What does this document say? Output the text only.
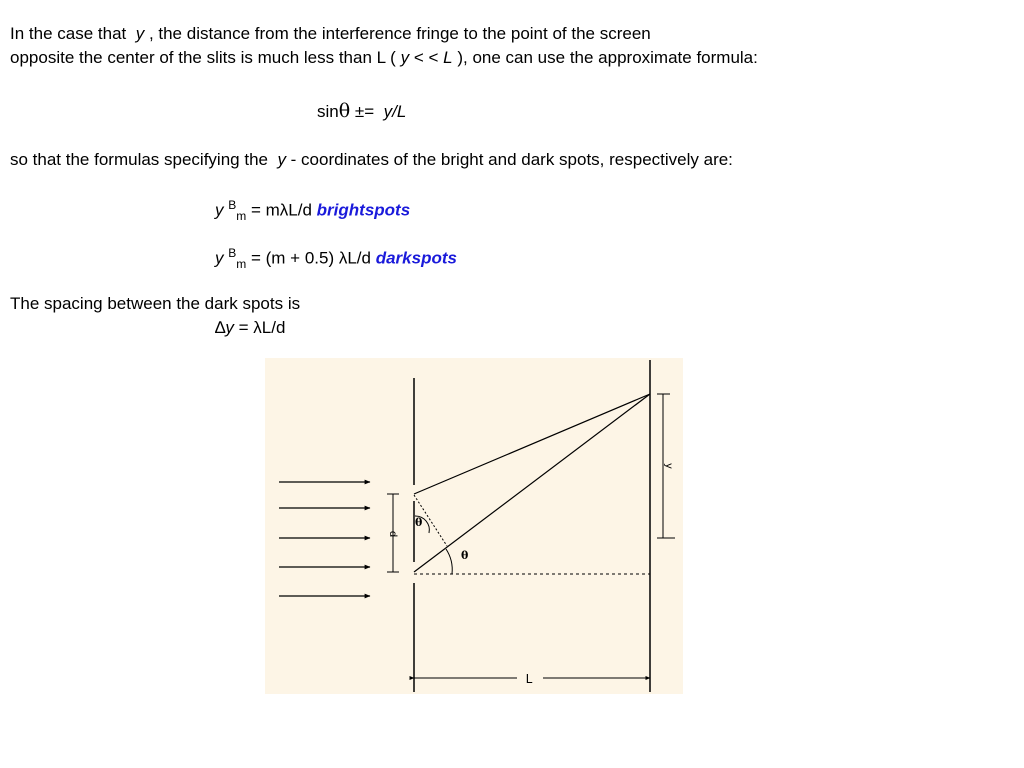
In the case that y , the distance from the interference fringe to the point of the screen
opposite the center of the slits is much less than L ( y < < L ), one can use the approximate formula:
sinθ ±= y/L
so that the formulas specifying the y - coordinates of the bright and dark spots, respectively are:
y $^B_m$ = mλL/d brightspots
y $^B_m$ = (m + 0.5) λL/d darkspots
The spacing between the dark spots is
∆y = λL/d
d
y
θ
θ
L
